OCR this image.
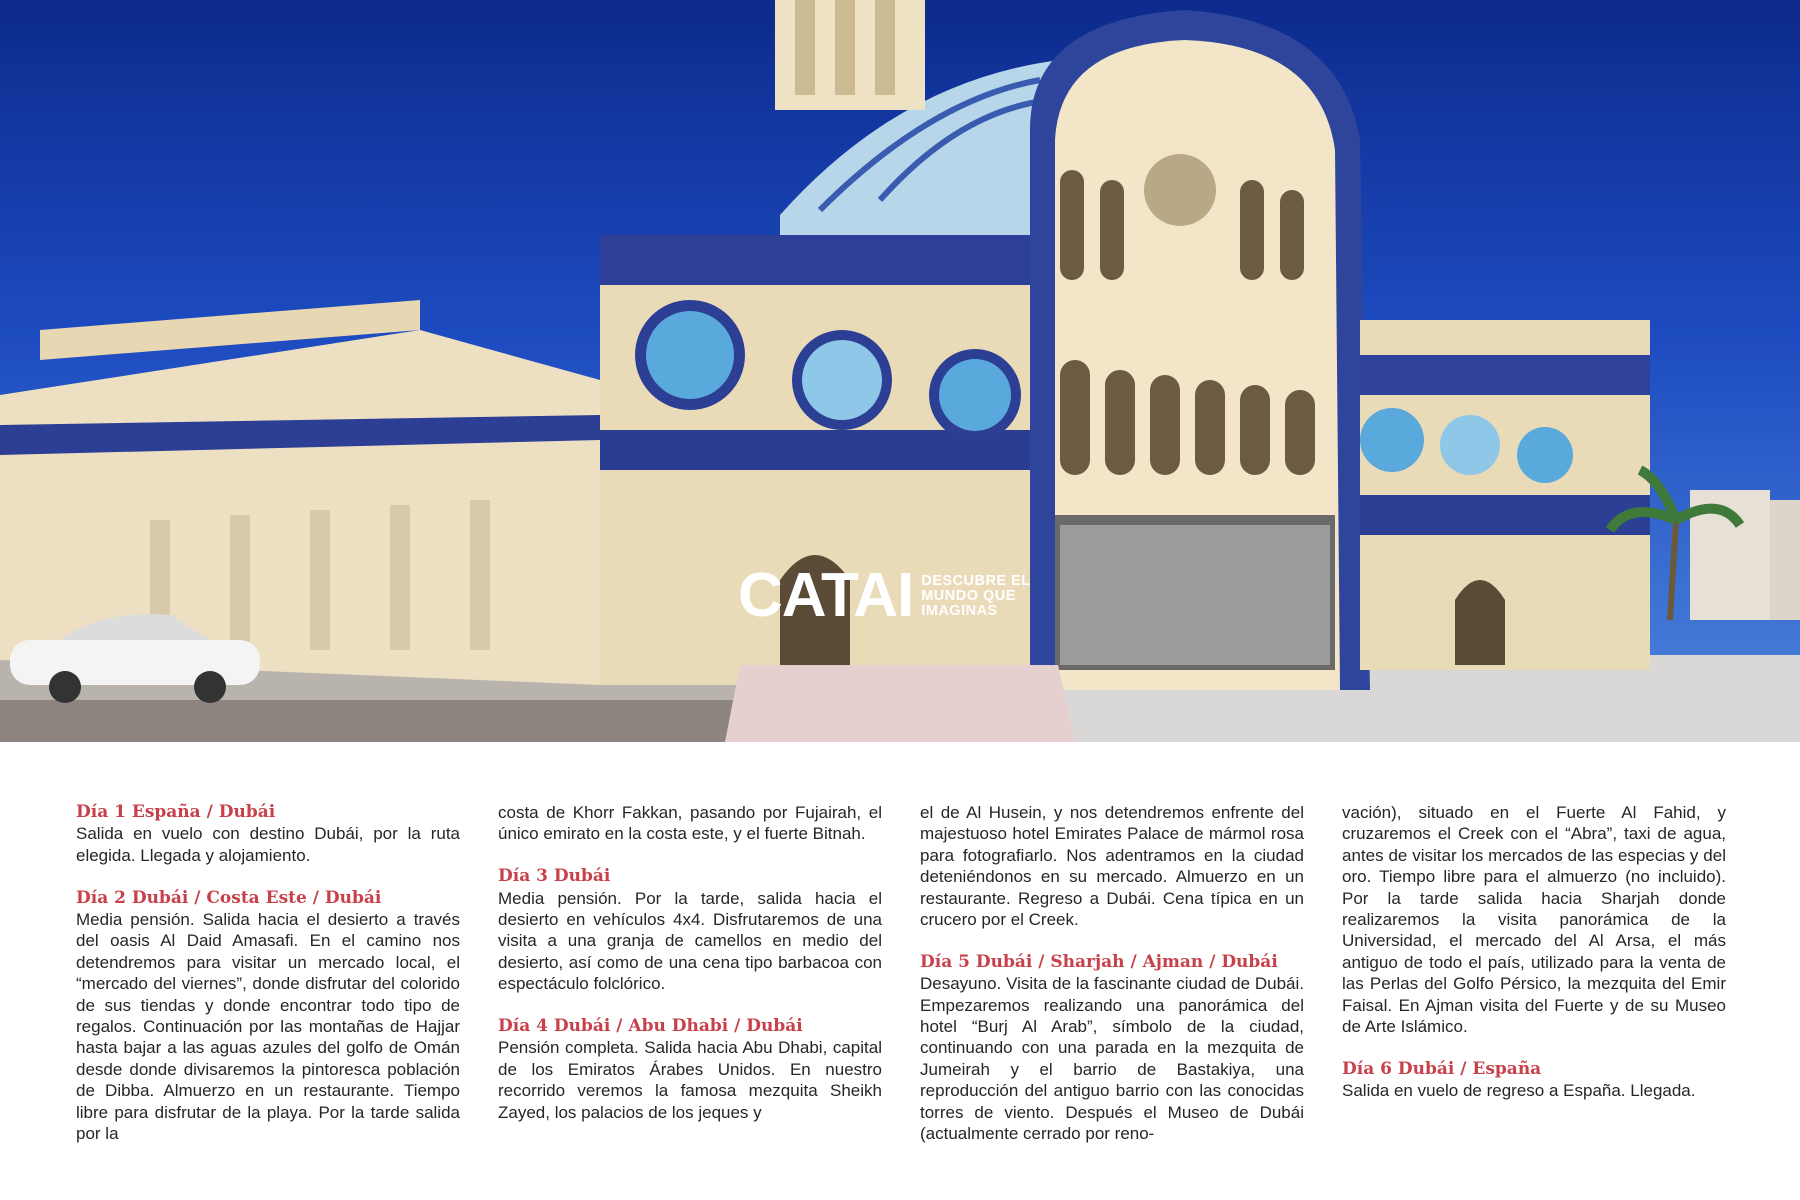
CATAI DESCUBRE EL
MUNDO QUE
IMAGINAS

Día 1 España / Dubái

Salida en vuelo con destino Dubái, por la ruta elegida. Llegada y alojamiento.

Día 2 Dubái / Costa Este / Dubái

Media pensión. Salida hacia el desierto a través del oasis Al Daid Amasafi. En el camino nos detendremos para visitar un mercado local, el “mercado del viernes”, donde disfrutar del colorido de sus tiendas y donde encontrar todo tipo de regalos. Continuación por las montañas de Hajjar hasta bajar a las aguas azules del golfo de Omán desde donde divisaremos la pintoresca población de Dibba. Almuerzo en un restaurante. Tiempo libre para disfrutar de la playa. Por la tarde salida por la

costa de Khorr Fakkan, pasando por Fujairah, el único emirato en la costa este, y el fuerte Bitnah.

Día 3 Dubái

Media pensión. Por la tarde, salida hacia el desierto en vehículos 4x4. Disfrutaremos de una visita a una granja de camellos en medio del desierto, así como de una cena tipo barbacoa con espectáculo folclórico.

Día 4 Dubái / Abu Dhabi / Dubái

Pensión completa. Salida hacia Abu Dhabi, capital de los Emiratos Árabes Unidos. En nuestro recorrido veremos la famosa mezquita Sheikh Zayed, los palacios de los jeques y

el de Al Husein, y nos detendremos enfrente del majestuoso hotel Emirates Palace de mármol rosa para fotografiarlo. Nos adentramos en la ciudad deteniéndonos en su mercado. Almuerzo en un restaurante. Regreso a Dubái. Cena típica en un crucero por el Creek.

Día 5 Dubái / Sharjah / Ajman / Dubái

Desayuno. Visita de la fascinante ciudad de Dubái. Empezaremos realizando una panorámica del hotel “Burj Al Arab”, símbolo de la ciudad, continuando con una parada en la mezquita de Jumeirah y el barrio de Bastakiya, una reproducción del antiguo barrio con las conocidas torres de viento. Después el Museo de Dubái (actualmente cerrado por reno-

vación), situado en el Fuerte Al Fahid, y cruzaremos el Creek con el “Abra”, taxi de agua, antes de visitar los mercados de las especias y del oro. Tiempo libre para el almuerzo (no incluido). Por la tarde salida hacia Sharjah donde realizaremos la visita panorámica de la Universidad, el mercado del Al Arsa, el más antiguo de todo el país, utilizado para la venta de las Perlas del Golfo Pérsico, la mezquita del Emir Faisal. En Ajman visita del Fuerte y de su Museo de Arte Islámico.

Día 6 Dubái / España

Salida en vuelo de regreso a España. Llegada.
